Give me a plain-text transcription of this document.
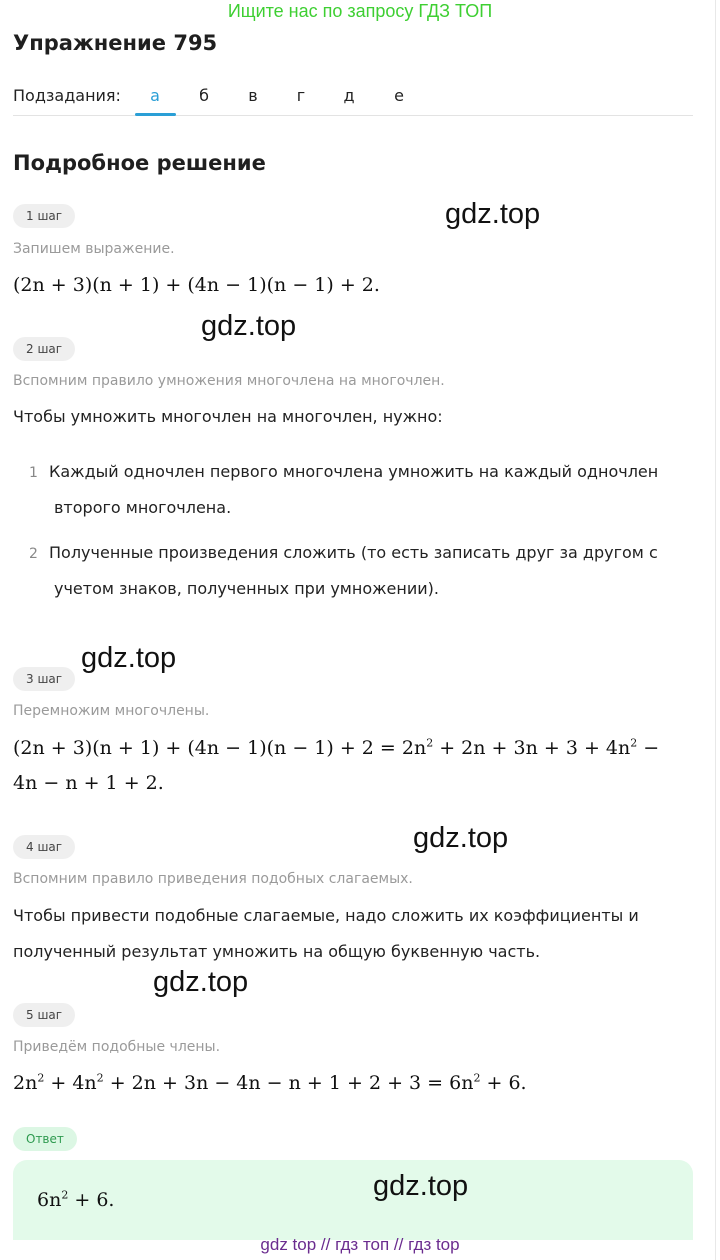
Ищите нас по запросу ГДЗ ТОП
Упражнение 795
Подзадания:	а	б	в	г	д	е
Подробное решение
1 шаг
Запишем выражение.
(2n + 3)(n + 1) + (4n − 1)(n − 1) + 2.
gdz.top
gdz.top
2 шаг
Вспомним правило умножения многочлена на многочлен.
Чтобы умножить многочлен на многочлен, нужно:
1 Каждый одночлен первого многочлена умножить на каждый одночлен
второго многочлена.
2 Полученные произведения сложить (то есть записать друг за другом с
учетом знаков, полученных при умножении).
gdz.top
3 шаг
Перемножим многочлены.
$(2n + 3)(n + 1) + (4n - 1)(n - 1) + 2 = 2n^2 + 2n + 3n + 3 + 4n^2$ −
4n − n + 1 + 2.
gdz.top
4 шаг
Вспомним правило приведения подобных слагаемых.
Чтобы привести подобные слагаемые, надо сложить их коэффициенты и
полученный результат умножить на общую буквенную часть.
gdz.top
5 шаг
Приведём подобные члены.
$2n^2 + 4n^2 + 2n + 3n - 4n - n + 1 + 2 + 3 = 6n^2 + 6$.
Ответ
$6n^2 + 6$.	gdz.top
gdz top // гдз топ // гдз top
